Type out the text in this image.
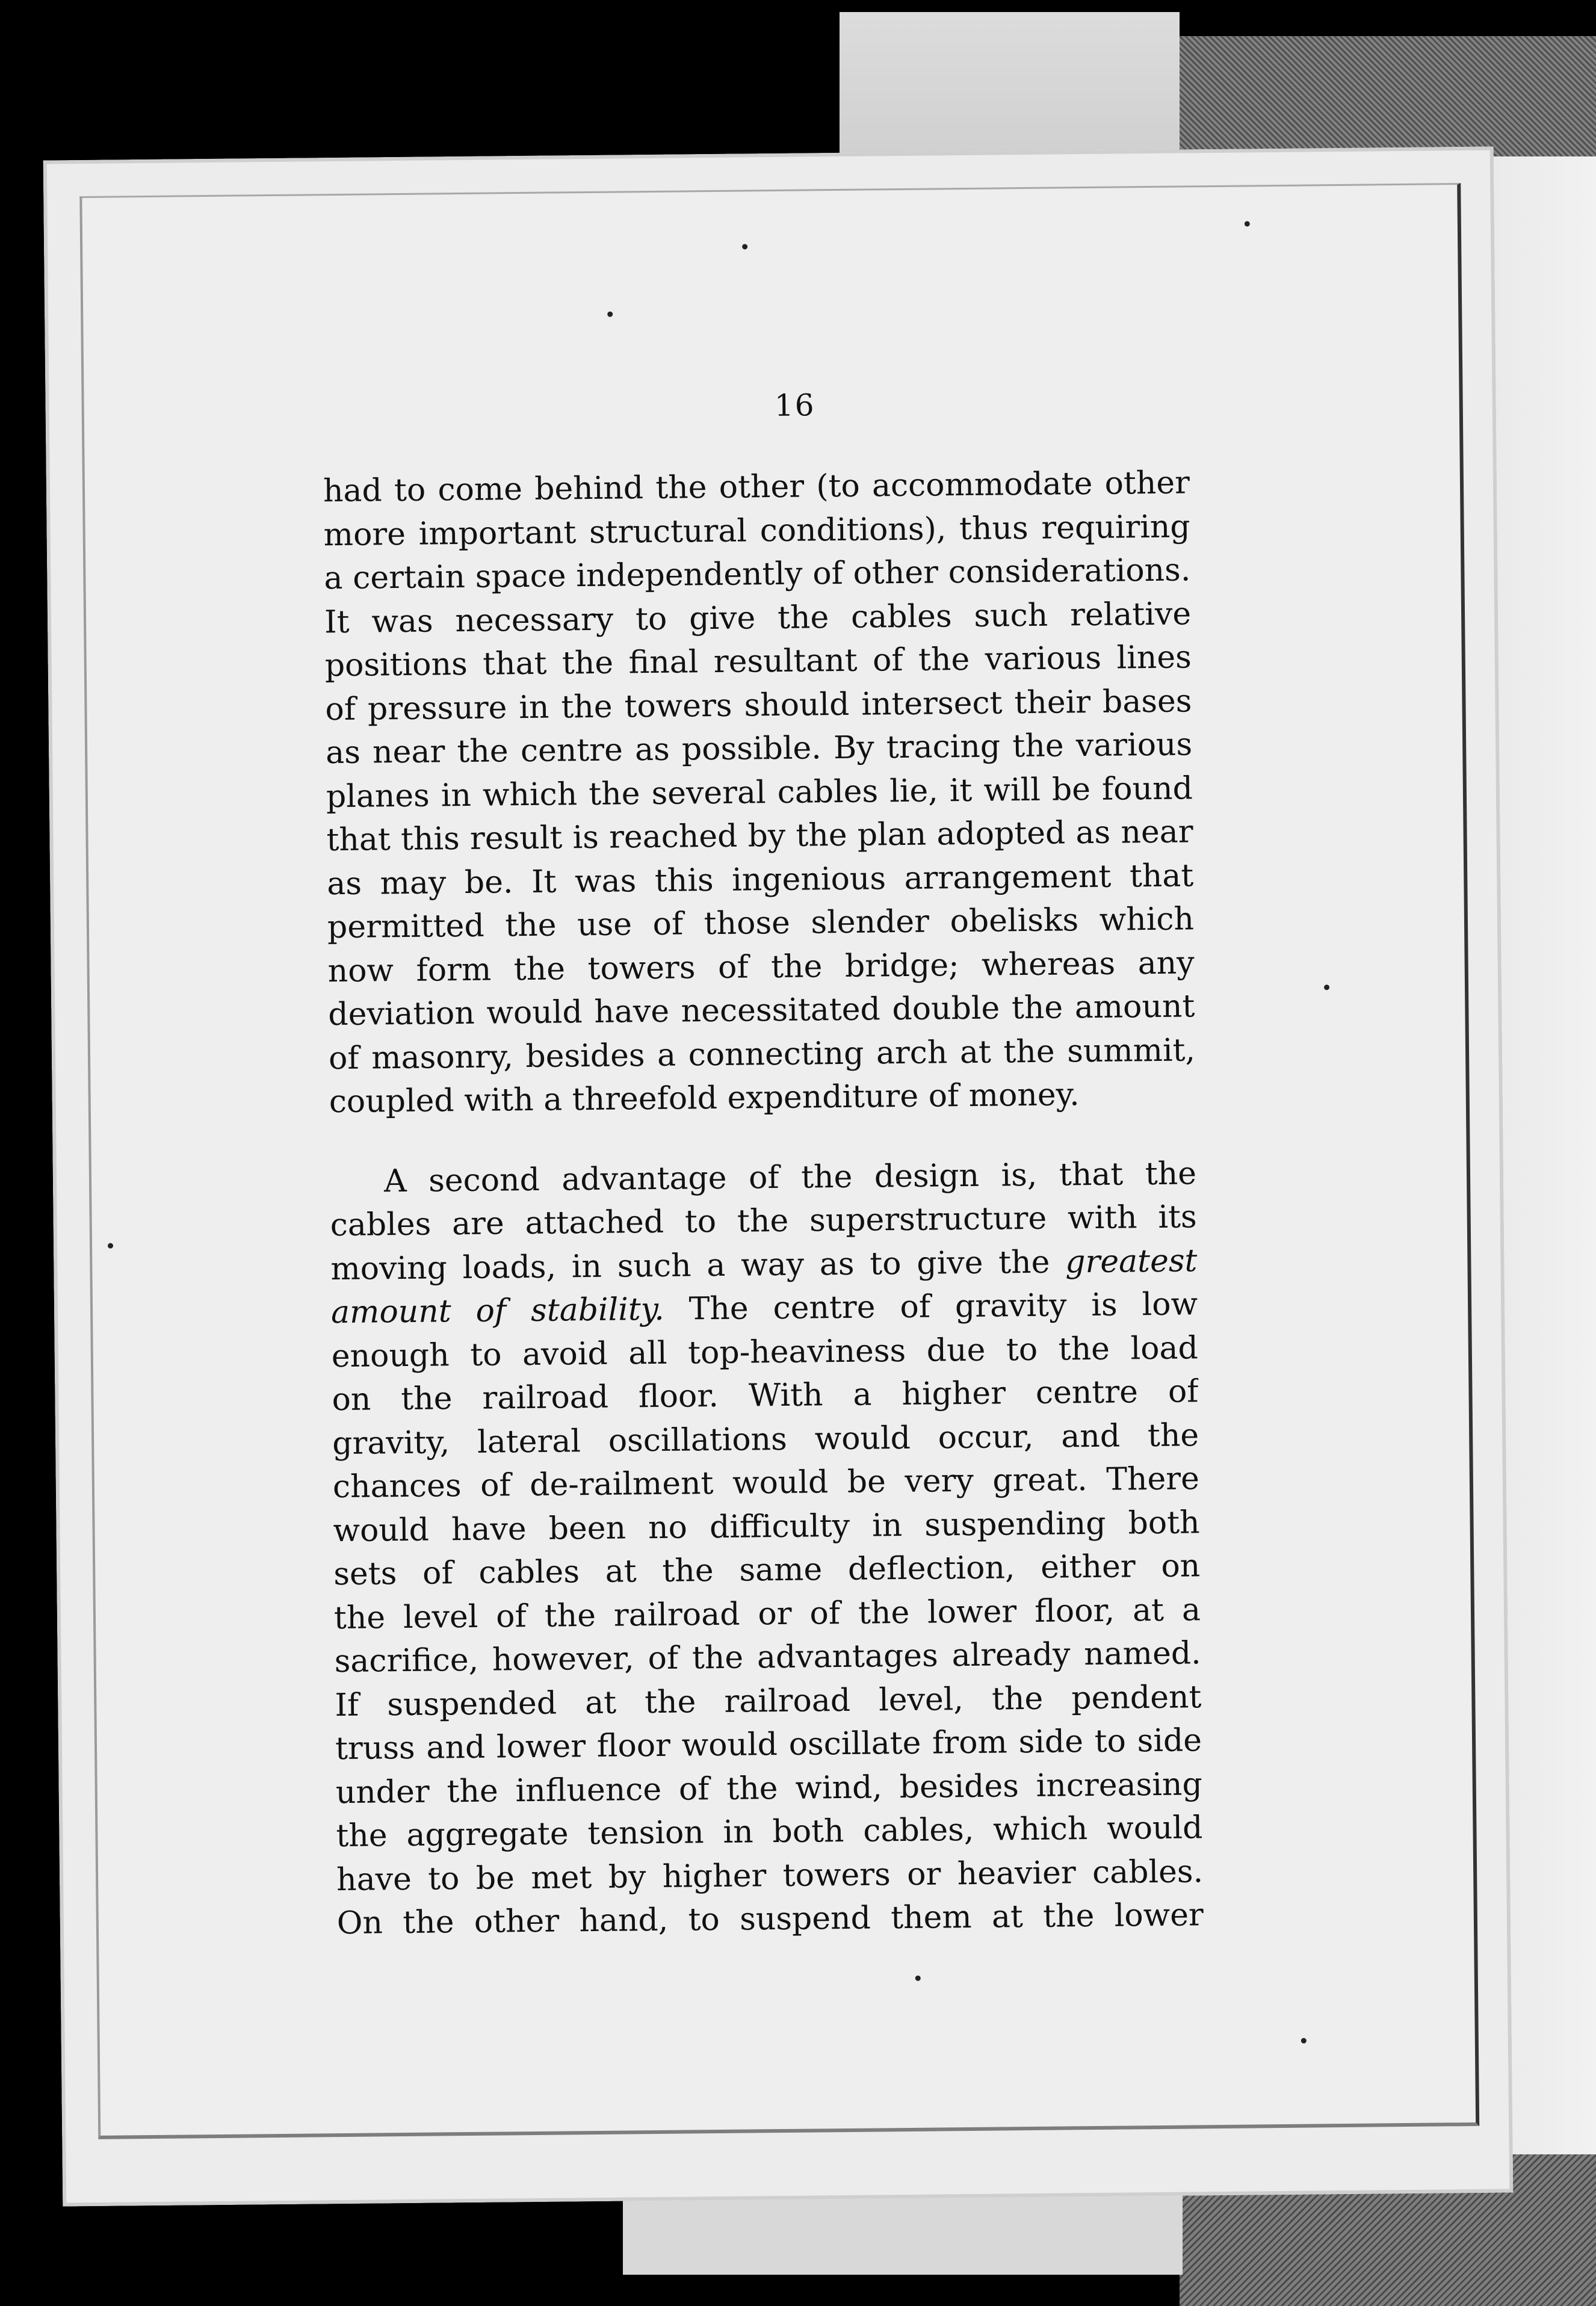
16
had to come behind the other (to accommodate other
more important structural conditions), thus requiring
a certain space independently of other considerations.
It was necessary to give the cables such relative
positions that the final resultant of the various lines
of pressure in the towers should intersect their bases
as near the centre as possible. By tracing the various
planes in which the several cables lie, it will be found
that this result is reached by the plan adopted as near
as may be. It was this ingenious arrangement that
permitted the use of those slender obelisks which
now form the towers of the bridge; whereas any
deviation would have necessitated double the amount
of masonry, besides a connecting arch at the summit,
coupled with a threefold expenditure of money.
A second advantage of the design is, that the
cables are attached to the superstructure with its
moving loads, in such a way as to give the greatest
amount of stability. The centre of gravity is low
enough to avoid all top-heaviness due to the load
on the railroad floor. With a higher centre of
gravity, lateral oscillations would occur, and the
chances of de-railment would be very great. There
would have been no difficulty in suspending both
sets of cables at the same deflection, either on
the level of the railroad or of the lower floor, at a
sacrifice, however, of the advantages already named.
If suspended at the railroad level, the pendent
truss and lower floor would oscillate from side to side
under the influence of the wind, besides increasing
the aggregate tension in both cables, which would
have to be met by higher towers or heavier cables.
On the other hand, to suspend them at the lower
